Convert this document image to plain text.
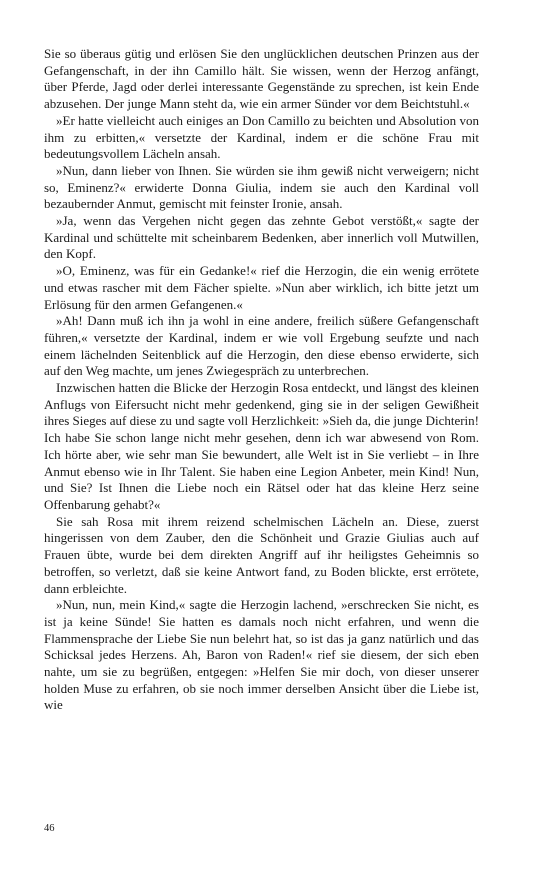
Sie so überaus gütig und erlösen Sie den unglücklichen deutschen Prinzen aus der Gefangenschaft, in der ihn Camillo hält. Sie wissen, wenn der Herzog anfängt, über Pferde, Jagd oder derlei interessante Gegenstände zu sprechen, ist kein Ende abzusehen. Der junge Mann steht da, wie ein armer Sünder vor dem Beichtstuhl.«

»Er hatte vielleicht auch einiges an Don Camillo zu beichten und Absolution von ihm zu erbitten,« versetzte der Kardinal, indem er die schöne Frau mit bedeutungsvollem Lächeln ansah.

»Nun, dann lieber von Ihnen. Sie würden sie ihm gewiß nicht verweigern; nicht so, Eminenz?« erwiderte Donna Giulia, indem sie auch den Kardinal voll bezaubernder Anmut, gemischt mit feinster Ironie, ansah.

»Ja, wenn das Vergehen nicht gegen das zehnte Gebot verstößt,« sagte der Kardinal und schüttelte mit scheinbarem Bedenken, aber innerlich voll Mutwillen, den Kopf.

»O, Eminenz, was für ein Gedanke!« rief die Herzogin, die ein wenig errötete und etwas rascher mit dem Fächer spielte. »Nun aber wirklich, ich bitte jetzt um Erlösung für den armen Gefangenen.«

»Ah! Dann muß ich ihn ja wohl in eine andere, freilich süßere Gefangenschaft führen,« versetzte der Kardinal, indem er wie voll Ergebung seufzte und nach einem lächelnden Seitenblick auf die Herzogin, den diese ebenso erwiderte, sich auf den Weg machte, um jenes Zwiegespräch zu unterbrechen.

Inzwischen hatten die Blicke der Herzogin Rosa entdeckt, und längst des kleinen Anflugs von Eifersucht nicht mehr gedenkend, ging sie in der seligen Gewißheit ihres Sieges auf diese zu und sagte voll Herzlichkeit: »Sieh da, die junge Dichterin! Ich habe Sie schon lange nicht mehr gesehen, denn ich war abwesend von Rom. Ich hörte aber, wie sehr man Sie bewundert, alle Welt ist in Sie verliebt – in Ihre Anmut ebenso wie in Ihr Talent. Sie haben eine Legion Anbeter, mein Kind! Nun, und Sie? Ist Ihnen die Liebe noch ein Rätsel oder hat das kleine Herz seine Offenbarung gehabt?«

Sie sah Rosa mit ihrem reizend schelmischen Lächeln an. Diese, zuerst hingerissen von dem Zauber, den die Schönheit und Grazie Giulias auch auf Frauen übte, wurde bei dem direkten Angriff auf ihr heiligstes Geheimnis so betroffen, so verletzt, daß sie keine Antwort fand, zu Boden blickte, erst errötete, dann erbleichte.

»Nun, nun, mein Kind,« sagte die Herzogin lachend, »erschrecken Sie nicht, es ist ja keine Sünde! Sie hatten es damals noch nicht erfahren, und wenn die Flammensprache der Liebe Sie nun belehrt hat, so ist das ja ganz natürlich und das Schicksal jedes Herzens. Ah, Baron von Raden!« rief sie diesem, der sich eben nahte, um sie zu begrüßen, entgegen: »Helfen Sie mir doch, von dieser unserer holden Muse zu erfahren, ob sie noch immer derselben Ansicht über die Liebe ist, wie

46
